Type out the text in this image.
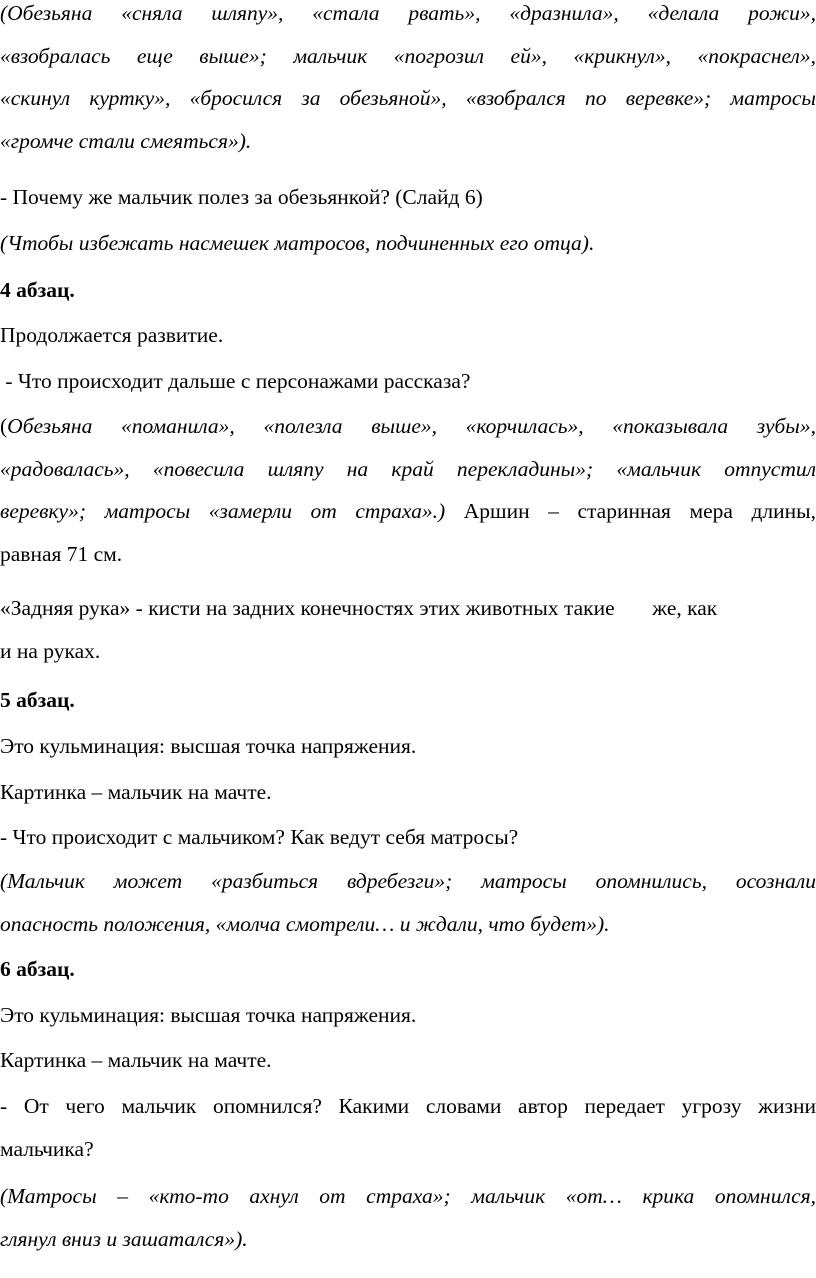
(Обезьяна «сняла шляпу», «стала рвать», «дразнила», «делала рожи»,
«взобралась еще выше»; мальчик «погрозил ей», «крикнул», «покраснел»,
«скинул куртку», «бросился за обезьяной», «взобрался по веревке»; матросы
«громче стали смеяться»).
- Почему же мальчик полез за обезьянкой? (Слайд 6)
(Чтобы избежать насмешек матросов, подчиненных его отца).
4 абзац.
Продолжается развитие.
- Что происходит дальше с персонажами рассказа?
(Обезьяна «поманила», «полезла выше», «корчилась», «показывала зубы»,
«радовалась», «повесила шляпу на край перекладины»; «мальчик отпустил
веревку»; матросы «замерли от страха».) Аршин – старинная мера длины,
равная 71 см.
«Задняя рука» - кисти на задних конечностях этих животных такие       же, как
и на руках.
5 абзац.
Это кульминация: высшая точка напряжения.
Картинка – мальчик на мачте.
- Что происходит с мальчиком? Как ведут себя матросы?
(Мальчик может «разбиться вдребезги»; матросы опомнились, осознали
опасность положения, «молча смотрели… и ждали, что будет»).
6 абзац.
Это кульминация: высшая точка напряжения.
Картинка – мальчик на мачте.
- От чего мальчик опомнился? Какими словами автор передает угрозу жизни
мальчика?
(Матросы – «кто-то ахнул от страха»; мальчик «от… крика опомнился,
глянул вниз и зашатался»).
